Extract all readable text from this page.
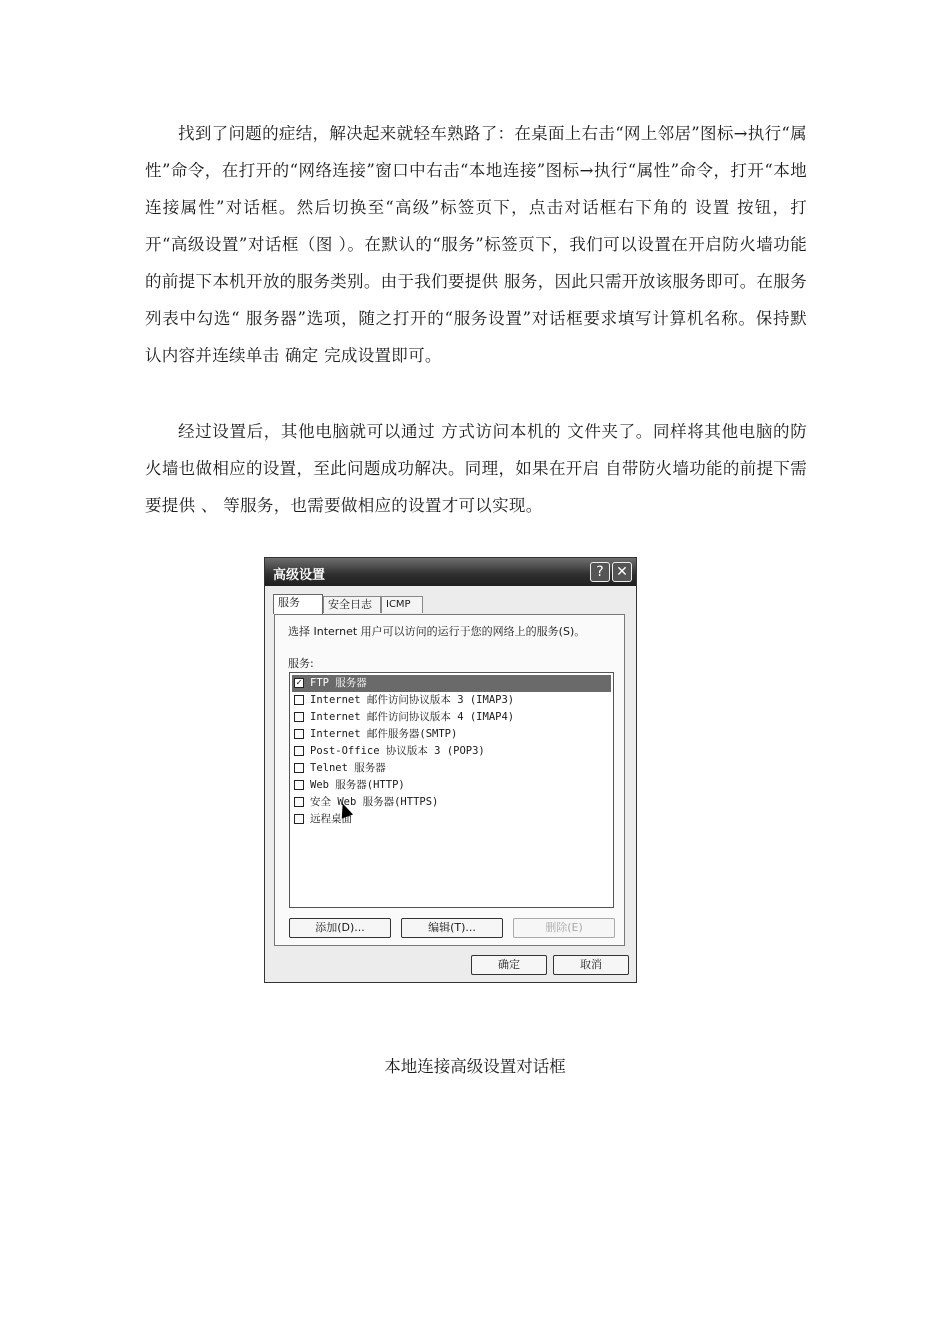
找到了问题的症结，解决起来就轻车熟路了：在桌面上右击“网上邻居”图标→执行“属性”命令，在打开的“网络连接”窗口中右击“本地连接”图标→执行“属性”命令，打开“本地连接属性”对话框。然后切换至“高级”标签页下，点击对话框右下角的 设置 按钮，打开“高级设置”对话框（图 ）。在默认的“服务”标签页下，我们可以设置在开启防火墙功能的前提下本机开放的服务类别。由于我们要提供 服务，因此只需开放该服务即可。在服务列表中勾选“ 服务器”选项，随之打开的“服务设置”对话框要求填写计算机名称。保持默认内容并连续单击 确定 完成设置即可。

经过设置后，其他电脑就可以通过 方式访问本机的 文件夹了。同样将其他电脑的防火墙也做相应的设置，至此问题成功解决。同理，如果在开启 自带防火墙功能的前提下需要提供 、 等服务，也需要做相应的设置才可以实现。

高级设置	? ✕
服务	安全日志	ICMP
选择 Internet 用户可以访问的运行于您的网络上的服务(S)。
服务:
✓ FTP 服务器
Internet 邮件访问协议版本 3 (IMAP3)
Internet 邮件访问协议版本 4 (IMAP4)
Internet 邮件服务器(SMTP)
Post-Office 协议版本 3 (POP3)
Telnet 服务器
Web 服务器(HTTP)
安全 Web 服务器(HTTPS)
远程桌面
添加(D)...	编辑(T)...	删除(E)
确定	取消
本地连接高级设置对话框
